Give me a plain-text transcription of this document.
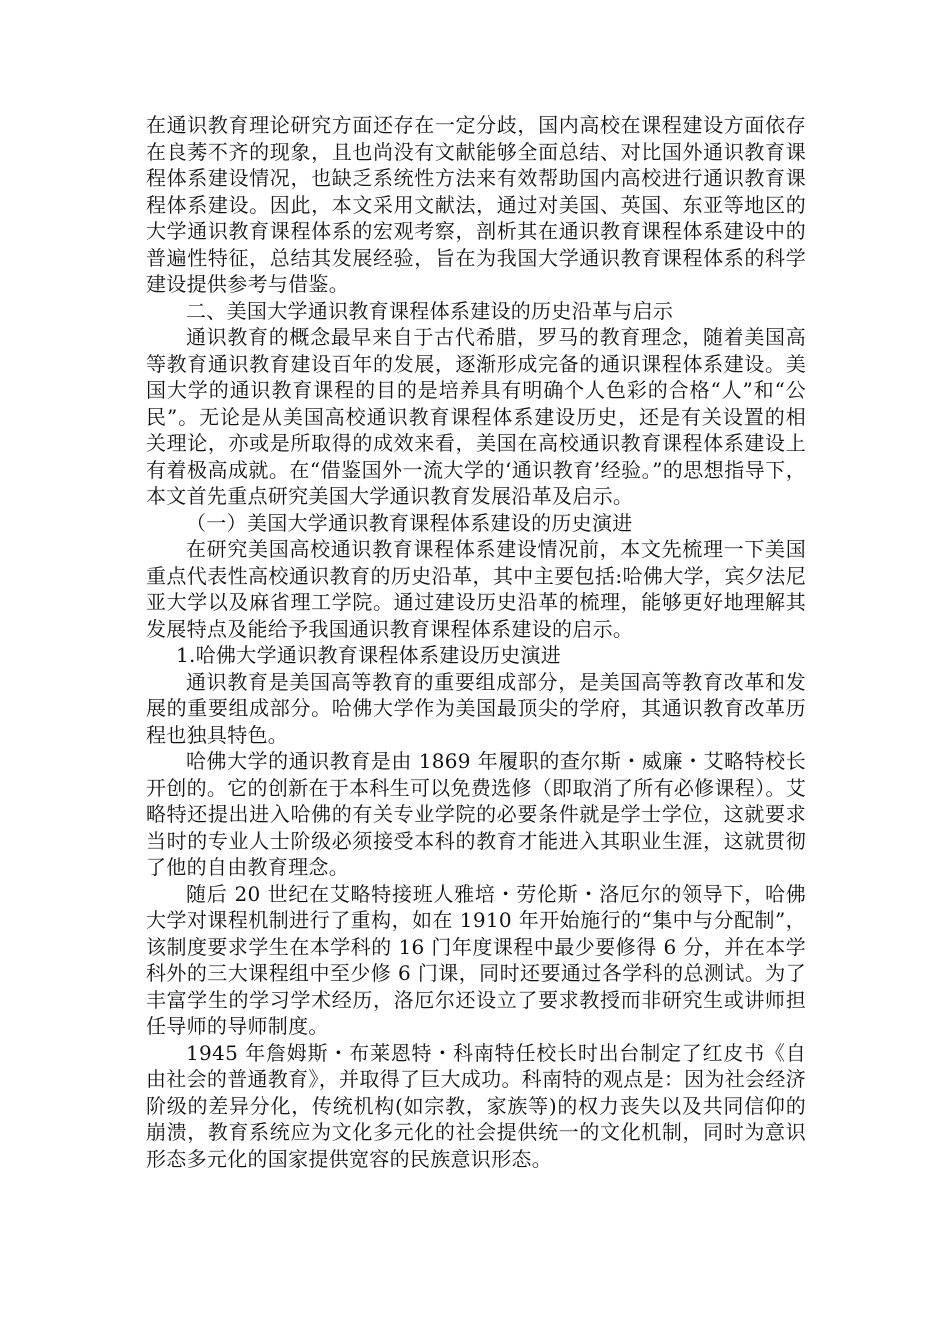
在通识教育理论研究方面还存在一定分歧，国内高校在课程建设方面依存在良莠不齐的现象，且也尚没有文献能够全面总结、对比国外通识教育课程体系建设情况，也缺乏系统性方法来有效帮助国内高校进行通识教育课程体系建设。因此，本文采用文献法，通过对美国、英国、东亚等地区的大学通识教育课程体系的宏观考察，剖析其在通识教育课程体系建设中的普遍性特征，总结其发展经验，旨在为我国大学通识教育课程体系的科学建设提供参考与借鉴。

二、美国大学通识教育课程体系建设的历史沿革与启示

通识教育的概念最早来自于古代希腊，罗马的教育理念，随着美国高等教育通识教育建设百年的发展，逐渐形成完备的通识课程体系建设。美国大学的通识教育课程的目的是培养具有明确个人色彩的合格“人”和“公民”。无论是从美国高校通识教育课程体系建设历史，还是有关设置的相关理论，亦或是所取得的成效来看，美国在高校通识教育课程体系建设上有着极高成就。在“借鉴国外一流大学的‘通识教育’经验。”的思想指导下，本文首先重点研究美国大学通识教育发展沿革及启示。

（一）美国大学通识教育课程体系建设的历史演进

在研究美国高校通识教育课程体系建设情况前，本文先梳理一下美国重点代表性高校通识教育的历史沿革，其中主要包括:哈佛大学，宾夕法尼亚大学以及麻省理工学院。通过建设历史沿革的梳理，能够更好地理解其发展特点及能给予我国通识教育课程体系建设的启示。

1.哈佛大学通识教育课程体系建设历史演进

通识教育是美国高等教育的重要组成部分，是美国高等教育改革和发展的重要组成部分。哈佛大学作为美国最顶尖的学府，其通识教育改革历程也独具特色。

哈佛大学的通识教育是由 1869 年履职的查尔斯・威廉・艾略特校长开创的。它的创新在于本科生可以免费选修（即取消了所有必修课程）。艾略特还提出进入哈佛的有关专业学院的必要条件就是学士学位，这就要求当时的专业人士阶级必须接受本科的教育才能进入其职业生涯，这就贯彻了他的自由教育理念。

随后 20 世纪在艾略特接班人雅培・劳伦斯・洛厄尔的领导下，哈佛大学对课程机制进行了重构，如在 1910 年开始施行的“集中与分配制”，该制度要求学生在本学科的 16 门年度课程中最少要修得 6 分，并在本学科外的三大课程组中至少修 6 门课，同时还要通过各学科的总测试。为了丰富学生的学习学术经历，洛厄尔还设立了要求教授而非研究生或讲师担任导师的导师制度。

1945 年詹姆斯・布莱恩特・科南特任校长时出台制定了红皮书《自由社会的普通教育》，并取得了巨大成功。科南特的观点是：因为社会经济阶级的差异分化，传统机构(如宗教，家族等)的权力丧失以及共同信仰的崩溃，教育系统应为文化多元化的社会提供统一的文化机制，同时为意识形态多元化的国家提供宽容的民族意识形态。
